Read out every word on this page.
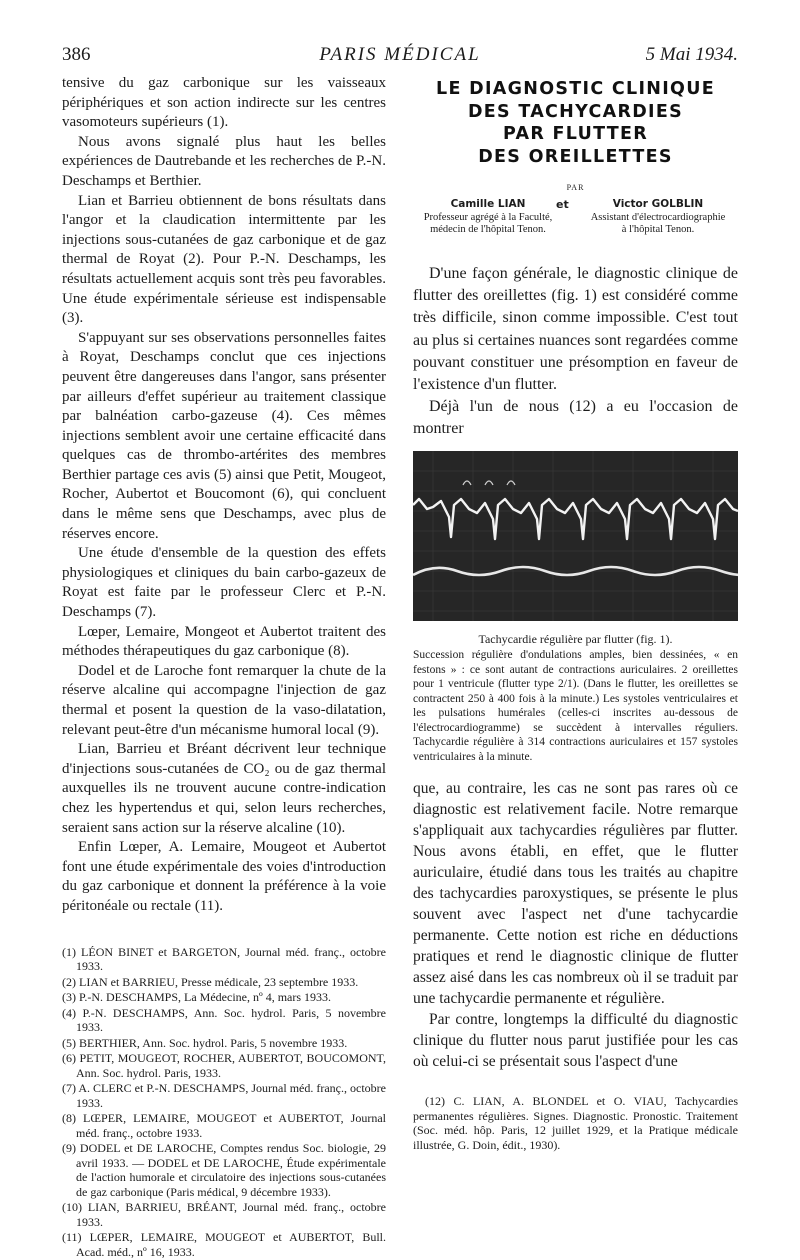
386	PARIS MÉDICAL	5 Mai 1934.

tensive du gaz carbonique sur les vaisseaux périphériques et son action indirecte sur les centres vasomoteurs supérieurs (1).

Nous avons signalé plus haut les belles expériences de Dautrebande et les recherches de P.-N. Deschamps et Berthier.

Lian et Barrieu obtiennent de bons résultats dans l'angor et la claudication intermittente par les injections sous-cutanées de gaz carbonique et de gaz thermal de Royat (2). Pour P.-N. Deschamps, les résultats actuellement acquis sont très peu favorables. Une étude expérimentale sérieuse est indispensable (3).

S'appuyant sur ses observations personnelles faites à Royat, Deschamps conclut que ces injections peuvent être dangereuses dans l'angor, sans présenter par ailleurs d'effet supérieur au traitement classique par balnéation carbo-gazeuse (4). Ces mêmes injections semblent avoir une certaine efficacité dans quelques cas de thrombo-artérites des membres Berthier partage ces avis (5) ainsi que Petit, Mougeot, Rocher, Aubertot et Boucomont (6), qui concluent dans le même sens que Deschamps, avec plus de réserves encore.

Une étude d'ensemble de la question des effets physiologiques et cliniques du bain carbo-gazeux de Royat est faite par le professeur Clerc et P.-N. Deschamps (7).

Lœper, Lemaire, Mongeot et Aubertot traitent des méthodes thérapeutiques du gaz carbonique (8).

Dodel et de Laroche font remarquer la chute de la réserve alcaline qui accompagne l'injection de gaz thermal et posent la question de la vaso-dilatation, relevant peut-être d'un mécanisme humoral local (9).

Lian, Barrieu et Bréant décrivent leur technique d'injections sous-cutanées de CO₂ ou de gaz thermal auxquelles ils ne trouvent aucune contre-indication chez les hypertendus et qui, selon leurs recherches, seraient sans action sur la réserve alcaline (10).

Enfin Lœper, A. Lemaire, Mougeot et Aubertot font une étude expérimentale des voies d'introduction du gaz carbonique et donnent la préférence à la voie péritonéale ou rectale (11).

(1) LÉON BINET et BARGETON, Journal méd. franç., octobre 1933.

(2) LIAN et BARRIEU, Presse médicale, 23 septembre 1933.

(3) P.-N. DESCHAMPS, La Médecine, nº 4, mars 1933.

(4) P.-N. DESCHAMPS, Ann. Soc. hydrol. Paris, 5 novembre 1933.

(5) BERTHIER, Ann. Soc. hydrol. Paris, 5 novembre 1933.

(6) PETIT, MOUGEOT, ROCHER, AUBERTOT, BOUCOMONT, Ann. Soc. hydrol. Paris, 1933.

(7) A. CLERC et P.-N. DESCHAMPS, Journal méd. franç., octobre 1933.

(8) LŒPER, LEMAIRE, MOUGEOT et AUBERTOT, Journal méd. franç., octobre 1933.

(9) DODEL et DE LAROCHE, Comptes rendus Soc. biologie, 29 avril 1933. — DODEL et DE LAROCHE, Étude expérimentale de l'action humorale et circulatoire des injections sous-cutanées de gaz carbonique (Paris médical, 9 décembre 1933).

(10) LIAN, BARRIEU, BRÉANT, Journal méd. franç., octobre 1933.

(11) LŒPER, LEMAIRE, MOUGEOT et AUBERTOT, Bull. Acad. méd., nº 16, 1933.

LE DIAGNOSTIC CLINIQUE
DES TACHYCARDIES
PAR FLUTTER
DES OREILLETTES
PAR
Camille LIAN
Professeur agrégé à la Faculté,
médecin de l'hôpital Tenon.
et	Victor GOLBLIN
Assistant d'électrocardiographie
à l'hôpital Tenon.

D'une façon générale, le diagnostic clinique de flutter des oreillettes (fig. 1) est considéré comme très difficile, sinon comme impossible. C'est tout au plus si certaines nuances sont regardées comme pouvant constituer une présomption en faveur de l'existence d'un flutter.

Déjà l'un de nous (12) a eu l'occasion de montrer

Tachycardie régulière par flutter (fig. 1).
Succession régulière d'ondulations amples, bien dessinées, « en festons » : ce sont autant de contractions auriculaires. 2 oreillettes pour 1 ventricule (flutter type 2/1). (Dans le flutter, les oreillettes se contractent 250 à 400 fois à la minute.) Les systoles ventriculaires et les pulsations humérales (celles-ci inscrites au-dessous de l'électrocardiogramme) se succèdent à intervalles réguliers. Tachycardie régulière à 314 contractions auriculaires et 157 systoles ventriculaires à la minute.

que, au contraire, les cas ne sont pas rares où ce diagnostic est relativement facile. Notre remarque s'appliquait aux tachycardies régulières par flutter. Nous avons établi, en effet, que le flutter auriculaire, étudié dans tous les traités au chapitre des tachycardies paroxystiques, se présente le plus souvent avec l'aspect net d'une tachycardie permanente. Cette notion est riche en déductions pratiques et rend le diagnostic clinique de flutter assez aisé dans les cas nombreux où il se traduit par une tachycardie permanente et régulière.

Par contre, longtemps la difficulté du diagnostic clinique du flutter nous parut justifiée pour les cas où celui-ci se présentait sous l'aspect d'une

(12) C. LIAN, A. BLONDEL et O. VIAU, Tachycardies permanentes régulières. Signes. Diagnostic. Pronostic. Traitement (Soc. méd. hôp. Paris, 12 juillet 1929, et la Pratique médicale illustrée, G. Doin, édit., 1930).
